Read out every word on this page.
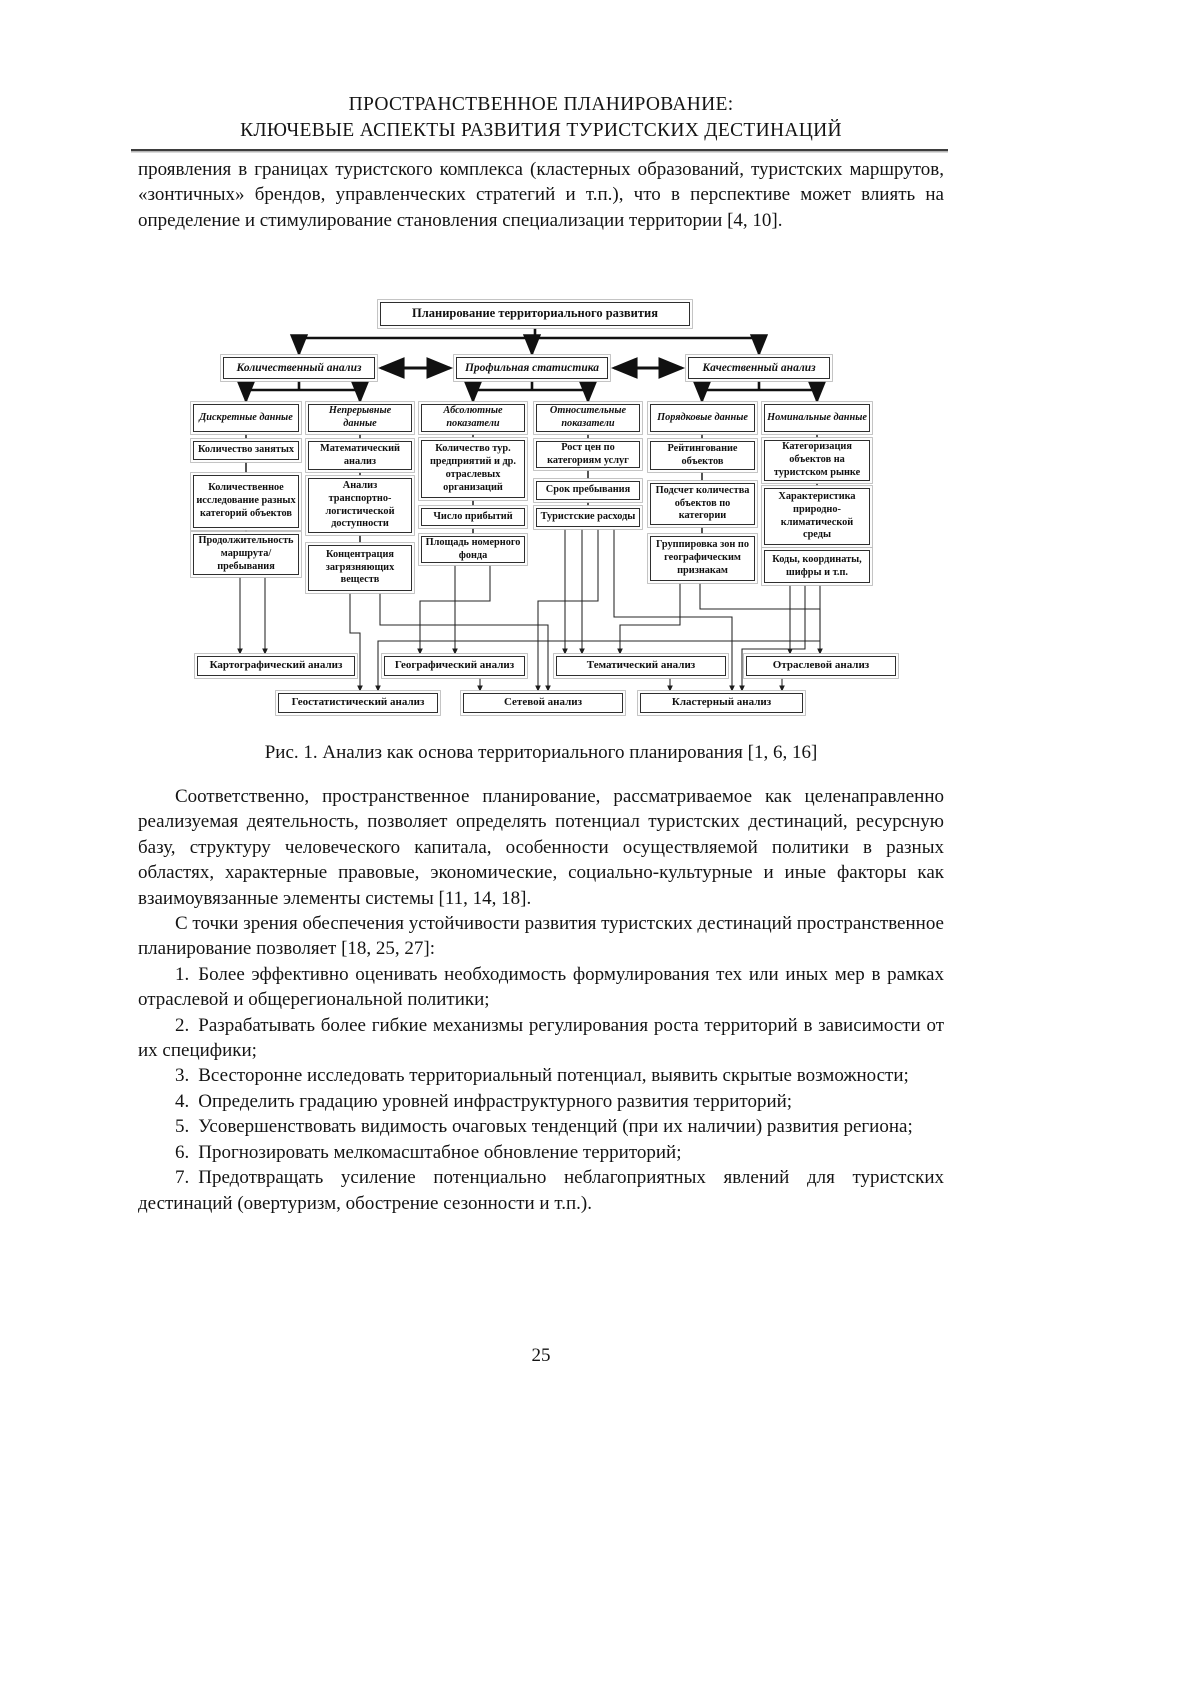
ПРОСТРАНСТВЕННОЕ ПЛАНИРОВАНИЕ:
КЛЮЧЕВЫЕ АСПЕКТЫ РАЗВИТИЯ ТУРИСТСКИХ ДЕСТИНАЦИЙ

проявления в границах туристского комплекса (кластерных образований, туристских маршрутов, «зонтичных» брендов, управленческих стратегий и т.п.), что в перспективе может влиять на определение и стимулирование становления специализации территории [4, 10].

Планирование территориального развития
Количественный анализ	Профильная статистика	Качественный анализ
Дискретные данные
Количество занятых
Количественное исследование разных категорий объектов
Продолжительность маршрута/ пребывания
Непрерывные данные
Математический анализ
Анализ транспортно-логистической доступности
Концентрация загрязняющих веществ
Абсолютные показатели
Количество тур. предприятий и др. отраслевых организаций
Число прибытий
Площадь номерного фонда
Относительные показатели
Рост цен по категориям услуг
Срок пребывания
Туристские расходы
Порядковые данные
Рейтингование объектов
Подсчет количества объектов по категории
Группировка зон по географическим признакам
Номинальные данные
Категоризация объектов на туристском рынке
Характеристика природно-климатической среды
Коды, координаты, шифры и т.п.
Картографический анализ	Географический анализ	Тематический анализ	Отраслевой анализ
Геостатистический анализ	Сетевой анализ	Кластерный анализ
Рис. 1. Анализ как основа территориального планирования [1, 6, 16]

Соответственно, пространственное планирование, рассматриваемое как целенаправленно реализуемая деятельность, позволяет определять потенциал туристских дестинаций, ресурсную базу, структуру человеческого капитала, особенности осуществляемой политики в разных областях, характерные правовые, экономические, социально-культурные и иные факторы как взаимоувязанные элементы системы [11, 14, 18].

С точки зрения обеспечения устойчивости развития туристских дестинаций пространственное планирование позволяет [18, 25, 27]:

1. Более эффективно оценивать необходимость формулирования тех или иных мер в рамках отраслевой и общерегиональной политики;

2. Разрабатывать более гибкие механизмы регулирования роста территорий в зависимости от их специфики;

3. Всесторонне исследовать территориальный потенциал, выявить скрытые возможности;

4. Определить градацию уровней инфраструктурного развития территорий;

5. Усовершенствовать видимость очаговых тенденций (при их наличии) развития региона;

6. Прогнозировать мелкомасштабное обновление территорий;

7. Предотвращать усиление потенциально неблагоприятных явлений для туристских дестинаций (овертуризм, обострение сезонности и т.п.).

25
